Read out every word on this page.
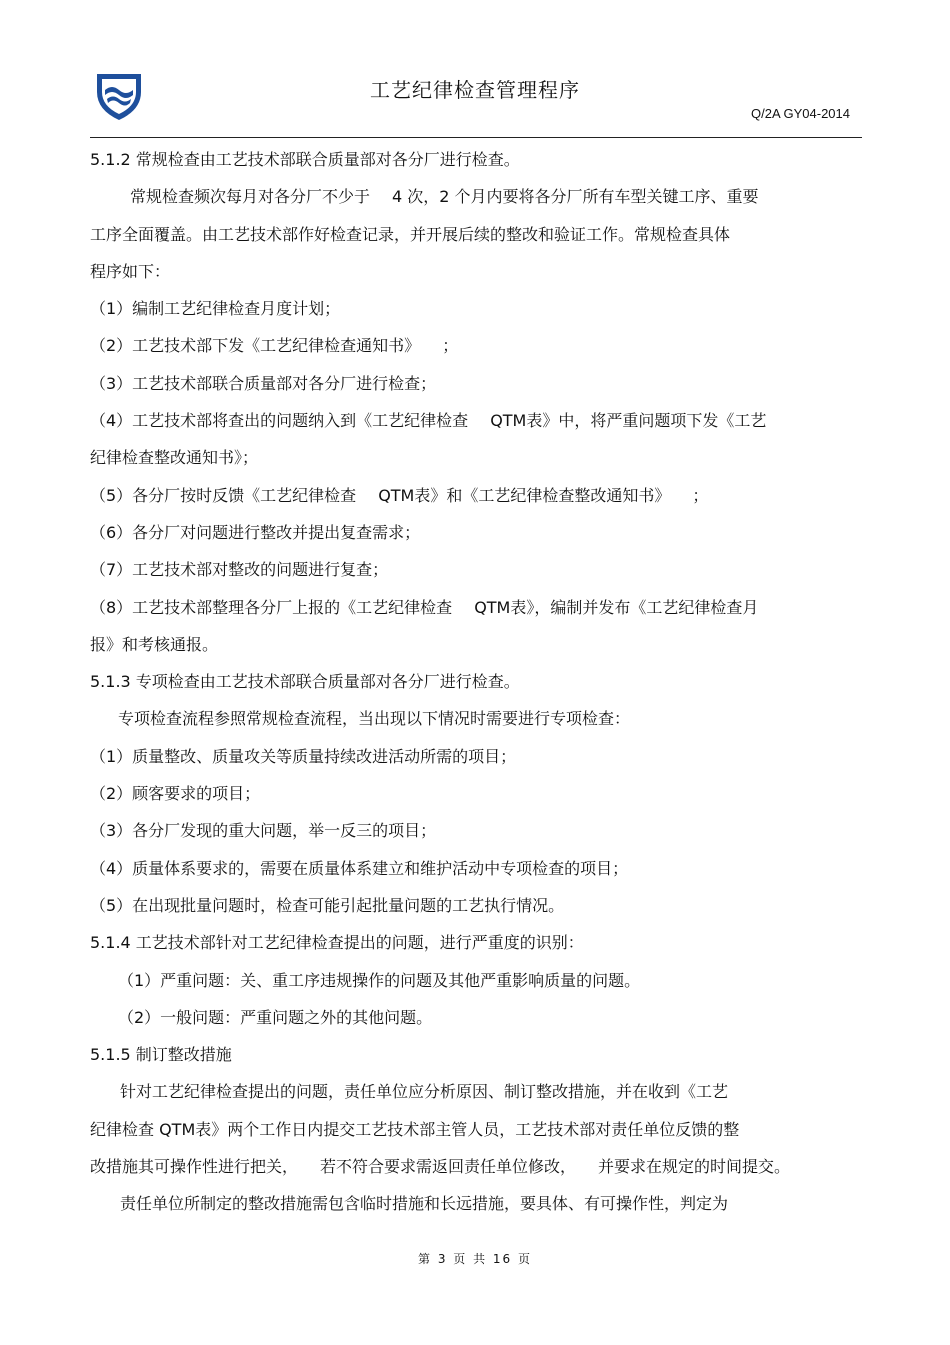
工艺纪律检查管理程序
Q/2A GY04-2014
5.1.2 常规检查由工艺技术部联合质量部对各分厂进行检查。
常规检查频次每月对各分厂不少于 4 次，2 个月内要将各分厂所有车型关键工序、重要
工序全面覆盖。由工艺技术部作好检查记录，并开展后续的整改和验证工作。常规检查具体
程序如下：
（1）编制工艺纪律检查月度计划；
（2）工艺技术部下发《工艺纪律检查通知书》 ；
（3）工艺技术部联合质量部对各分厂进行检查；
（4）工艺技术部将查出的问题纳入到《工艺纪律检查 QTM表》中，将严重问题项下发《工艺
纪律检查整改通知书》；
（5）各分厂按时反馈《工艺纪律检查 QTM表》和《工艺纪律检查整改通知书》 ；
（6）各分厂对问题进行整改并提出复查需求；
（7）工艺技术部对整改的问题进行复查；
（8）工艺技术部整理各分厂上报的《工艺纪律检查 QTM表》，编制并发布《工艺纪律检查月
报》和考核通报。
5.1.3 专项检查由工艺技术部联合质量部对各分厂进行检查。
专项检查流程参照常规检查流程，当出现以下情况时需要进行专项检查：
（1）质量整改、质量攻关等质量持续改进活动所需的项目；
（2）顾客要求的项目；
（3）各分厂发现的重大问题，举一反三的项目；
（4）质量体系要求的，需要在质量体系建立和维护活动中专项检查的项目；
（5）在出现批量问题时，检查可能引起批量问题的工艺执行情况。
5.1.4 工艺技术部针对工艺纪律检查提出的问题，进行严重度的识别：
（1）严重问题：关、重工序违规操作的问题及其他严重影响质量的问题。
（2）一般问题：严重问题之外的其他问题。
5.1.5 制订整改措施
针对工艺纪律检查提出的问题，责任单位应分析原因、制订整改措施，并在收到《工艺
纪律检查 QTM表》两个工作日内提交工艺技术部主管人员，工艺技术部对责任单位反馈的整
改措施其可操作性进行把关， 若不符合要求需返回责任单位修改， 并要求在规定的时间提交。
责任单位所制定的整改措施需包含临时措施和长远措施，要具体、有可操作性，判定为
第 3 页 共 16 页
